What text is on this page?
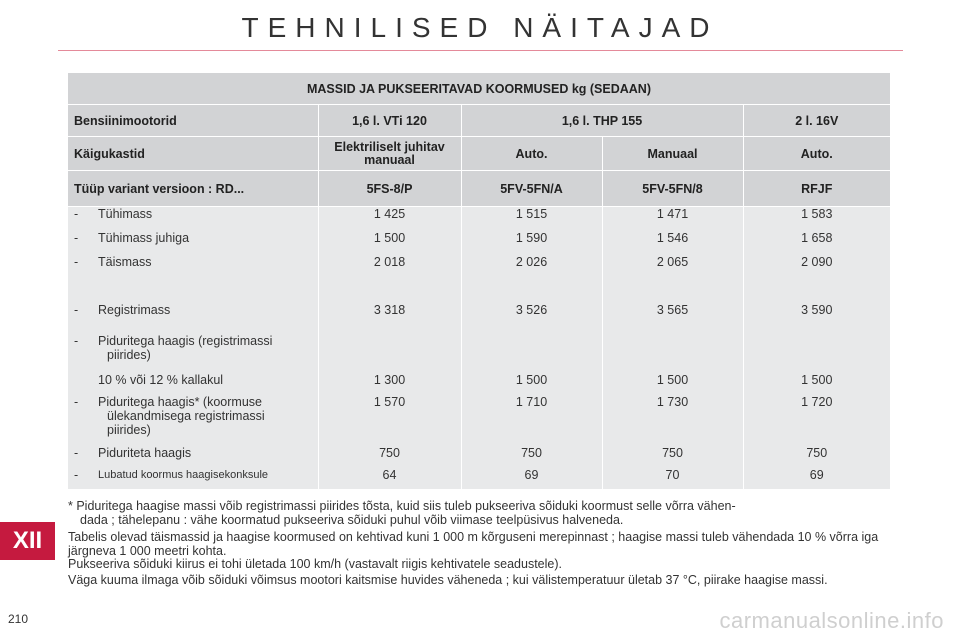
TEHNILISED NÄITAJAD
MASSID JA PUKSEERITAVAD KOORMUSED kg (SEDAAN)				
Bensiinimootorid	1,6 l. VTi 120	1,6 l. THP 155		2 l. 16V
Käigukastid	Elektriliselt juhitav manuaal	Auto.	Manuaal	Auto.
Tüüp variant versioon : RD...	5FS-8/P	5FV-5FN/A	5FV-5FN/8	RFJF

- Tühimass	1 425	1 515	1 471	1 583

- Tühimass juhiga	1 500	1 590	1 546	1 658

- Täismass	2 018	2 026	2 065	2 090

- Registrimass	3 318	3 526	3 565	3 590

- Piduritega haagis (registrimassi
piirides)				

10 % või 12 % kallakul	1 300	1 500	1 500	1 500

- Piduritega haagis* (koormuse
ülekandmisega registrimassi
piirides)	1 570	1 710	1 730	1 720

- Piduriteta haagis	750	750	750	750

- Lubatud koormus haagisekonksule	64	69	70	69
* Piduritega haagise massi võib registrimassi piirides tõsta, kuid siis tuleb pukseeriva sõiduki koormust selle võrra vähen-
dada ; tähelepanu : vähe koormatud pukseeriva sõiduki puhul võib viimase teelpüsivus halveneda.
Tabelis olevad täismassid ja haagise koormused on kehtivad kuni 1 000 m kõrguseni merepinnast ; haagise massi tuleb vähendada 10 % võrra iga järgneva 1 000 meetri kohta.
Pukseeriva sõiduki kiirus ei tohi ületada 100 km/h (vastavalt riigis kehtivatele seadustele).
Väga kuuma ilmaga võib sõiduki võimsus mootori kaitsmise huvides väheneda ; kui välistemperatuur ületab 37 °C, piirake haagise massi.
XII
210	carmanualsonline.info
